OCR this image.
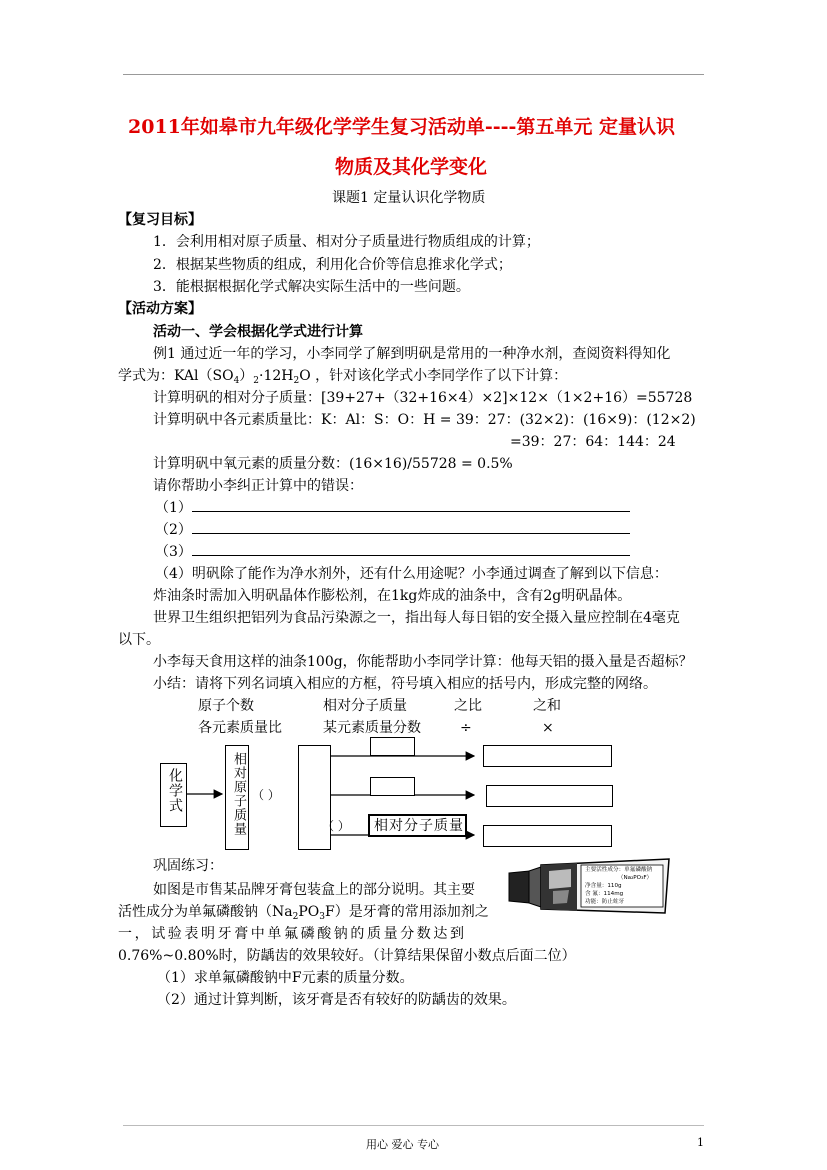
2011年如皋市九年级化学学生复习活动单----第五单元 定量认识
物质及其化学变化
课题1 定量认识化学物质
【复习目标】
1．会利用相对原子质量、相对分子质量进行物质组成的计算；
2．根据某些物质的组成，利用化合价等信息推求化学式；
3．能根据根据化学式解决实际生活中的一些问题。
【活动方案】
活动一、学会根据化学式进行计算
例1 通过近一年的学习，小李同学了解到明矾是常用的一种净水剂，查阅资料得知化
学式为：$KAl(SO_4)_2\cdot 12H_2O$ ，针对该化学式小李同学作了以下计算：
计算明矾的相对分子质量：[39+27+（32+16×4）×2]×12×（1×2+16）=55728
计算明矾中各元素质量比：K：Al：S：O：H = 39：27：(32×2)：(16×9)：(12×2)
=39：27：64：144：24
计算明矾中氧元素的质量分数：(16×16)/55728 = 0.5%
请你帮助小李纠正计算中的错误：
（1）
（2）
（3）
（4）明矾除了能作为净水剂外，还有什么用途呢？小李通过调查了解到以下信息：
炸油条时需加入明矾晶体作膨松剂，在1kg炸成的油条中，含有2g明矾晶体。
世界卫生组织把铝列为食品污染源之一，指出每人每日铝的安全摄入量应控制在4毫克
以下。
小李每天食用这样的油条100g，你能帮助小李同学计算：他每天铝的摄入量是否超标？
小结：请将下列名词填入相应的方框，符号填入相应的括号内，形成完整的网络。
原子个数	相对分子质量	之比	之和
各元素质量比	某元素质量分数	÷	×
化学式	相对原子质量 （ ）
（ ） 相对分子质量
巩固练习：
如图是市售某品牌牙膏包装盒上的部分说明。其主要
活性成分为单氟磷酸钠$(Na_2PO_3F)$是牙膏的常用添加剂之
一，试验表明牙膏中单氟磷酸钠的质量分数达到
0.76%~0.80%时，防龋齿的效果较好。（计算结果保留小数点后面二位）
（1）求单氟磷酸钠中F元素的质量分数。
（2）通过计算判断，该牙膏是否有较好的防龋齿的效果。
主要活性成分：单氟磷酸钠
（Na₂PO₃F）
净含量：110g
含 氟：114mg
功能：防止蛀牙
用心 爱心 专心	1
